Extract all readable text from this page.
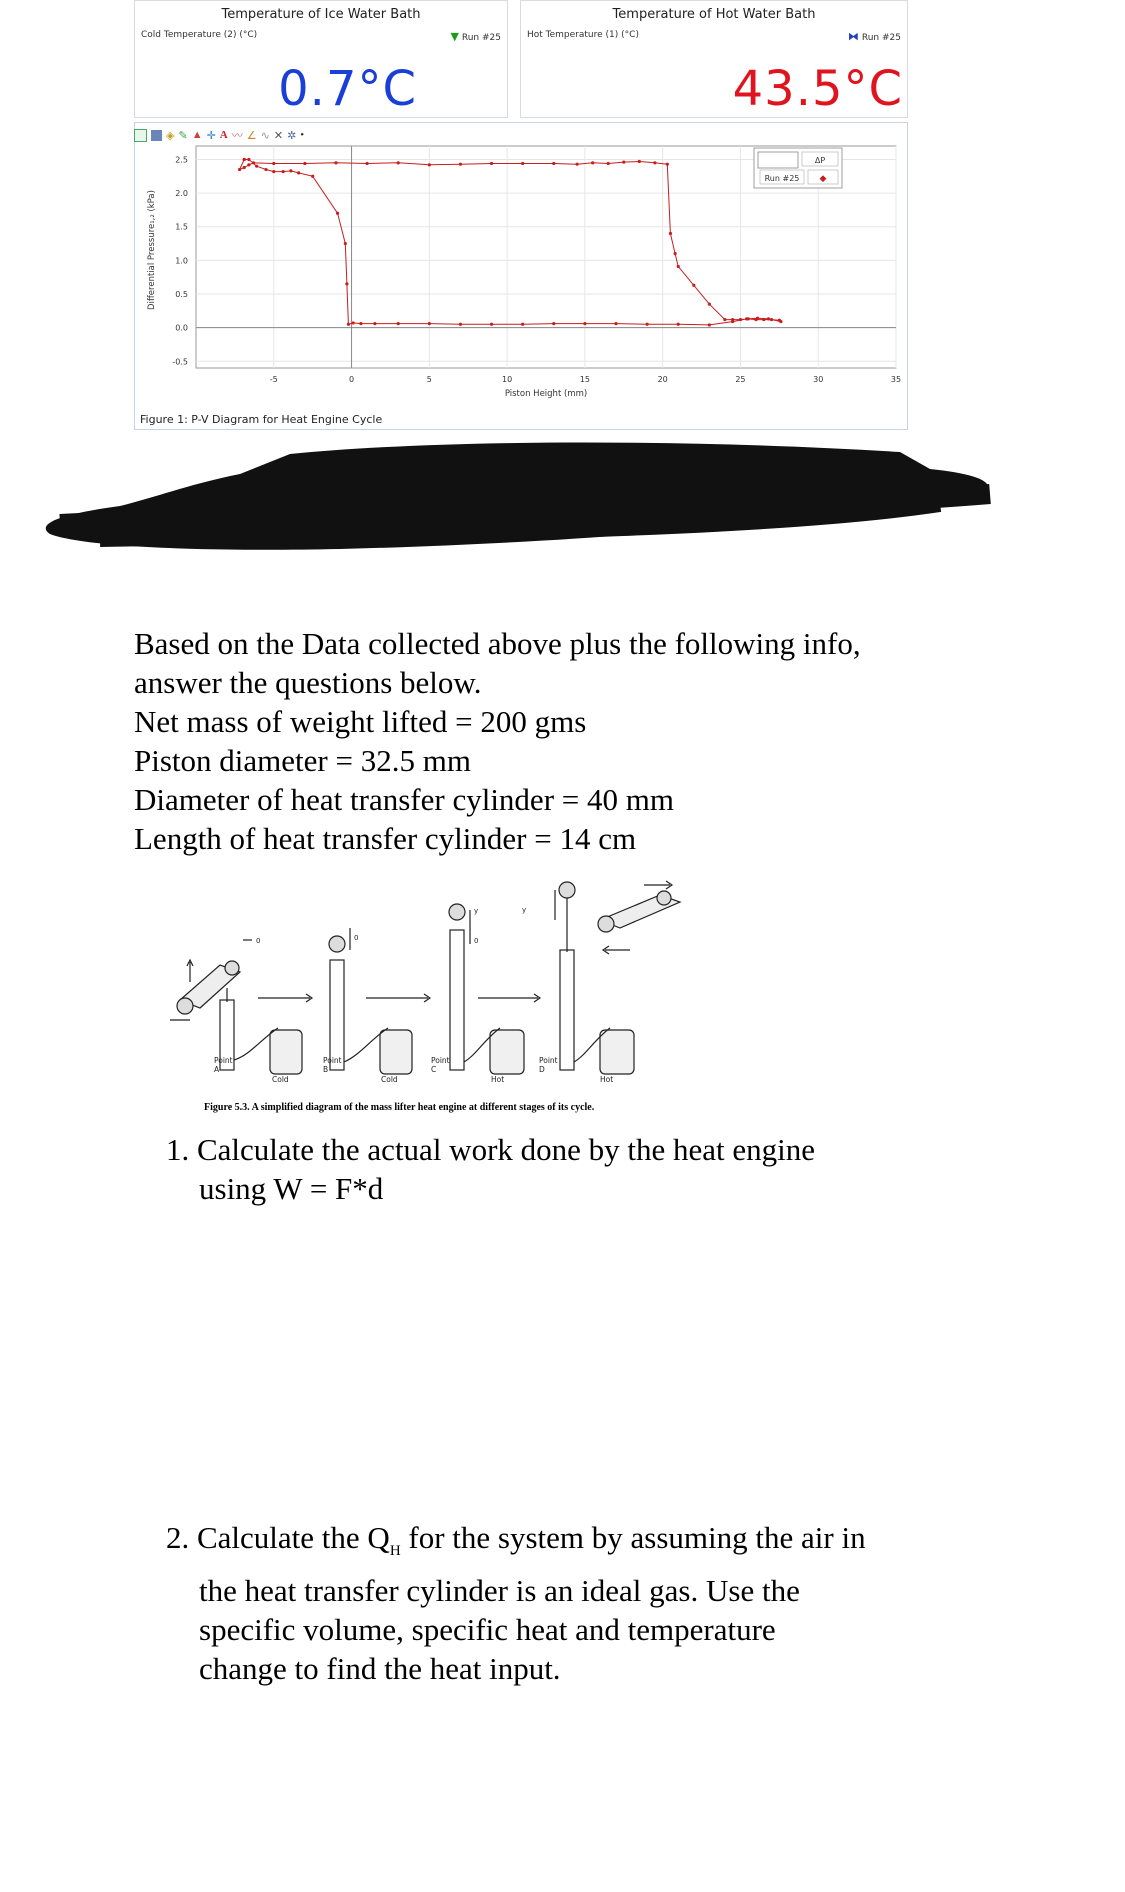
Temperature of Ice Water Bath
Cold Temperature (2) (°C)	▼ Run #25
0.7°C
Temperature of Hot Water Bath
Hot Temperature (1) (°C)	⧓ Run #25
43.5°C
◈ ✎ ▲ ✛ A 〰 ∠ ∿ ✕ ✲ •
-5	0	5	10	15	20	25	30	35
2.5
2.0
1.5
1.0
0.5
0.0
-0.5
Piston Height (mm)
Differential Pressure₁,₂ (kPa)
ΔP
Run #25 ◆
Figure 1: P-V Diagram for Heat Engine Cycle
Based on the Data collected above plus the following info,
answer the questions below.
Net mass of weight lifted = 200 gms
Piston diameter = 32.5 mm
Diameter of heat transfer cylinder = 40 mm
Length of heat transfer cylinder = 14 cm
0	0
y
0
y
Point A
Point B
Point C
Point D
Cold	Cold	Hot	Hot
Figure 5.3. A simplified diagram of the mass lifter heat engine at different stages of its cycle.
1. Calculate the actual work done by the heat engine
using W = F*d
2. Calculate the $Q_H$ for the system by assuming the air in
the heat transfer cylinder is an ideal gas. Use the
specific volume, specific heat and temperature
change to find the heat input.
